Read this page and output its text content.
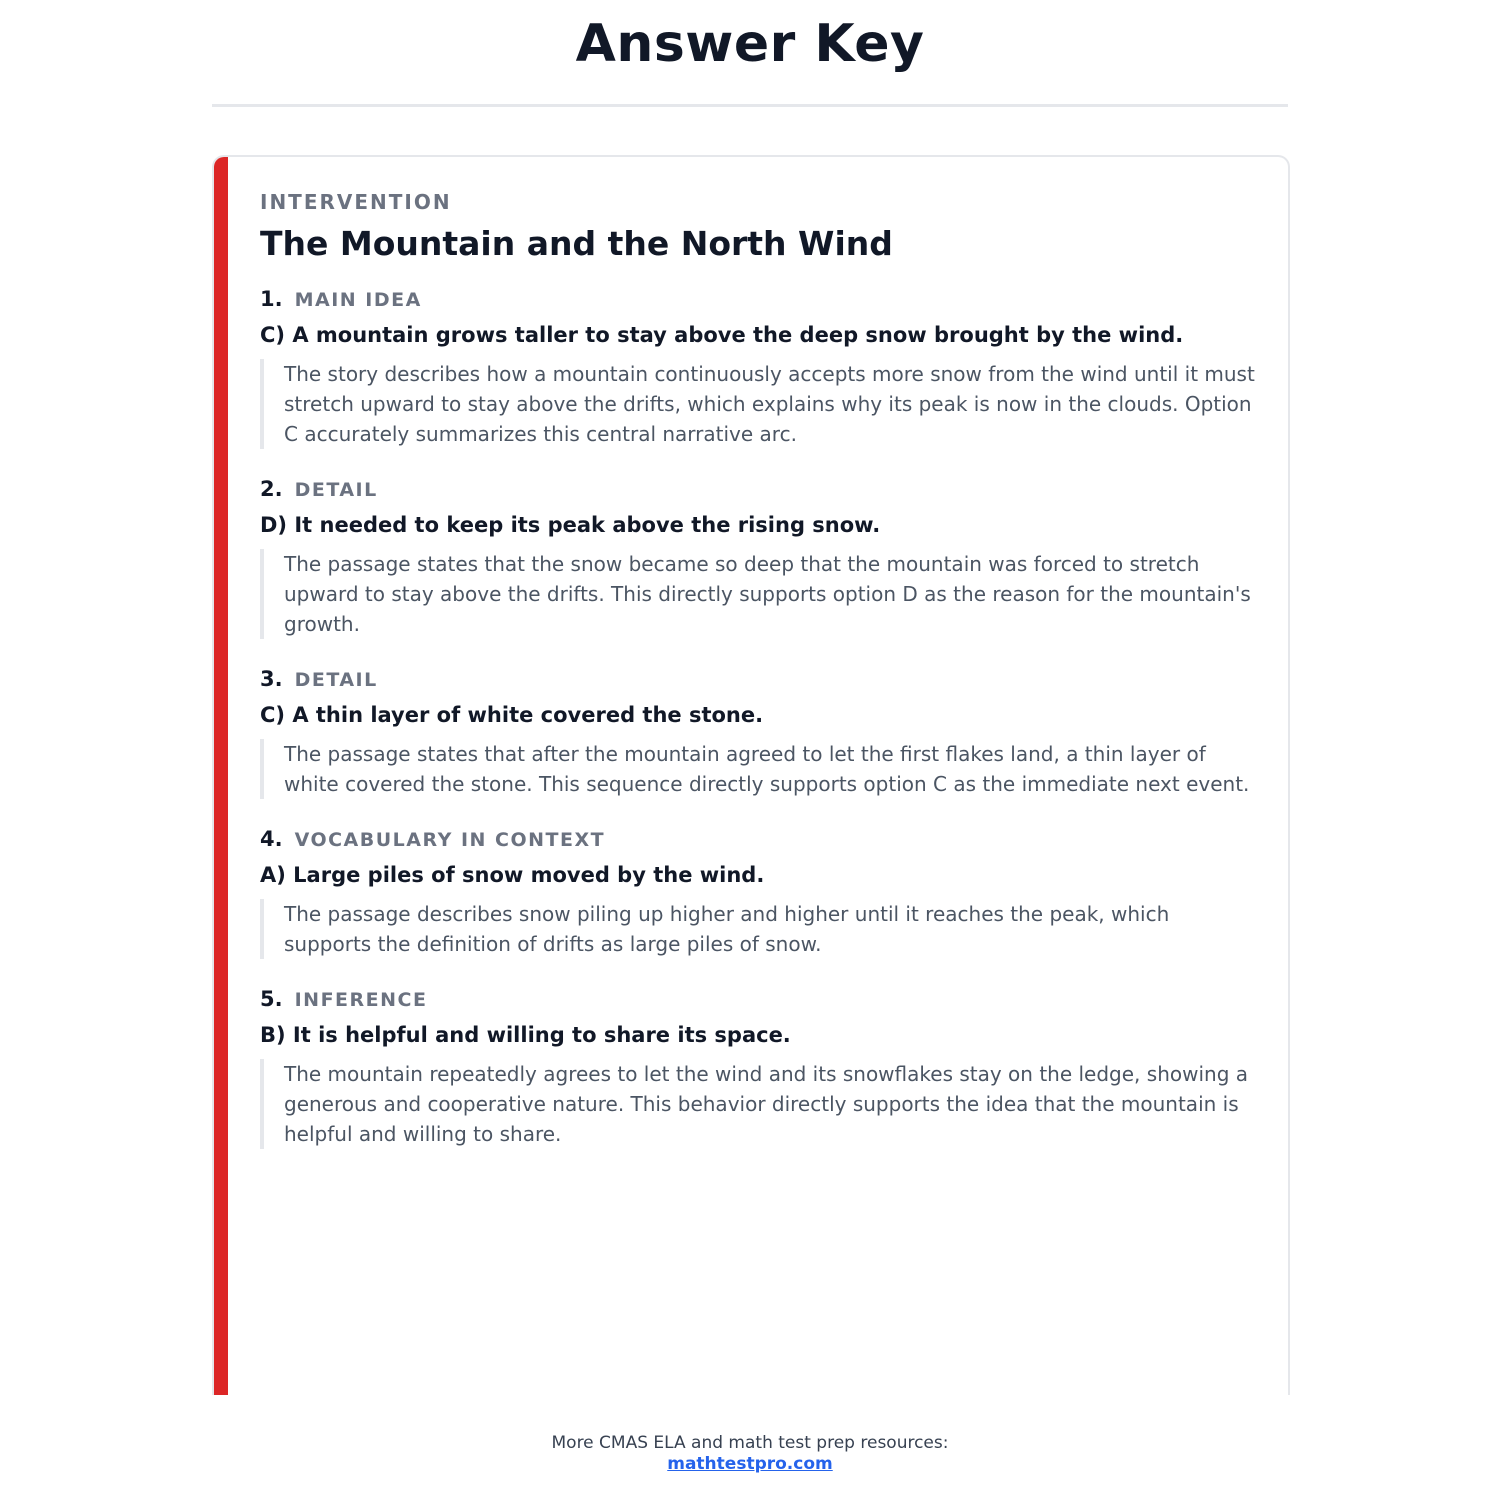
Answer Key
INTERVENTION
The Mountain and the North Wind
1. MAIN IDEA
C) A mountain grows taller to stay above the deep snow brought by the wind.
The story describes how a mountain continuously accepts more snow from the wind until it must stretch upward to stay above the drifts, which explains why its peak is now in the clouds. Option C accurately summarizes this central narrative arc.
2. DETAIL
D) It needed to keep its peak above the rising snow.
The passage states that the snow became so deep that the mountain was forced to stretch upward to stay above the drifts. This directly supports option D as the reason for the mountain's growth.
3. DETAIL
C) A thin layer of white covered the stone.
The passage states that after the mountain agreed to let the first flakes land, a thin layer of white covered the stone. This sequence directly supports option C as the immediate next event.
4. VOCABULARY IN CONTEXT
A) Large piles of snow moved by the wind.
The passage describes snow piling up higher and higher until it reaches the peak, which supports the definition of drifts as large piles of snow.
5. INFERENCE
B) It is helpful and willing to share its space.
The mountain repeatedly agrees to let the wind and its snowflakes stay on the ledge, showing a generous and cooperative nature. This behavior directly supports the idea that the mountain is helpful and willing to share.
More CMAS ELA and math test prep resources:
mathtestpro.com
